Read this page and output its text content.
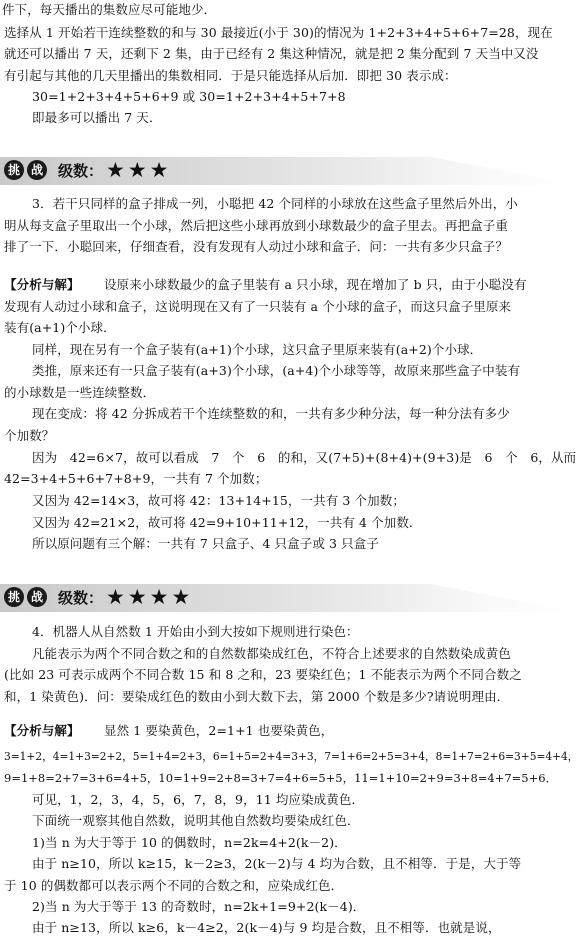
件下，每天播出的集数应尽可能地少．
选择从 1 开始若干连续整数的和与 30 最接近(小于 30)的情况为 1+2+3+4+5+6+7=28，现在
就还可以播出 7 天，还剩下 2 集，由于已经有 2 集这种情况，就是把 2 集分配到 7 天当中又没
有引起与其他的几天里播出的集数相同．于是只能选择从后加．即把 30 表示成：
30=1+2+3+4+5+6+9 或 30=1+2+3+4+5+7+8
即最多可以播出 7 天．
挑 战 级数： ★★★
3．若干只同样的盒子排成一列，小聪把 42 个同样的小球放在这些盒子里然后外出，小
明从每支盒子里取出一个小球，然后把这些小球再放到小球数最少的盒子里去。再把盒子重
排了一下．小聪回来，仔细查看，没有发现有人动过小球和盒子．问：一共有多少只盒子？
【分析与解】 设原来小球数最少的盒子里装有 a 只小球，现在增加了 b 只，由于小聪没有
发现有人动过小球和盒子，这说明现在又有了一只装有 a 个小球的盒子，而这只盒子里原来
装有(a+1)个小球．
同样，现在另有一个盒子装有(a+1)个小球，这只盒子里原来装有(a+2)个小球．
类推，原来还有一只盒子装有(a+3)个小球，(a+4)个小球等等，故原来那些盒子中装有
的小球数是一些连续整数．
现在变成：将 42 分拆成若干个连续整数的和，一共有多少种分法，每一种分法有多少
个加数？
因为　42=6×7，故可以看成　7　个　6　的和，又(7+5)+(8+4)+(9+3)是　6　个　6，从而
42=3+4+5+6+7+8+9，一共有 7 个加数；
又因为 42=14×3，故可将 42：13+14+15，一共有 3 个加数；
又因为 42=21×2，故可将 42=9+10+11+12，一共有 4 个加数．
所以原问题有三个解：一共有 7 只盒子、4 只盒子或 3 只盒子
挑 战 级数： ★★★★
4．机器人从自然数 1 开始由小到大按如下规则进行染色：
凡能表示为两个不同合数之和的自然数都染成红色，不符合上述要求的自然数染成黄色
(比如 23 可表示成两个不同合数 15 和 8 之和，23 要染红色；1 不能表示为两个不同合数之
和，1 染黄色)．问：要染成红色的数由小到大数下去，第 2000 个数是多少?请说明理由．
【分析与解】 显然 1 要染黄色，2=1+1 也要染黄色，
3=1+2，4=1+3=2+2，5=1+4=2+3，6=1+5=2+4=3+3，7=1+6=2+5=3+4，8=1+7=2+6=3+5=4+4，
9=1+8=2+7=3+6=4+5，10=1+9=2+8=3+7=4+6=5+5，11=1+10=2+9=3+8=4+7=5+6．
可见，1，2，3，4，5，6，7，8，9，11 均应染成黄色．
下面统一观察其他自然数，说明其他自然数均要染成红色．
1)当 n 为大于等于 10 的偶数时，n=2k=4+2(k－2)．
由于 n≥10，所以 k≥15，k－2≥3，2(k－2)与 4 均为合数，且不相等．于是，大于等
于 10 的偶数都可以表示两个不同的合数之和，应染成红色．
2)当 n 为大于等于 13 的奇数时，n=2k+1=9+2(k－4)．
由于 n≥13，所以 k≥6，k－4≥2，2(k－4)与 9 均是合数，且不相等．也就是说，
